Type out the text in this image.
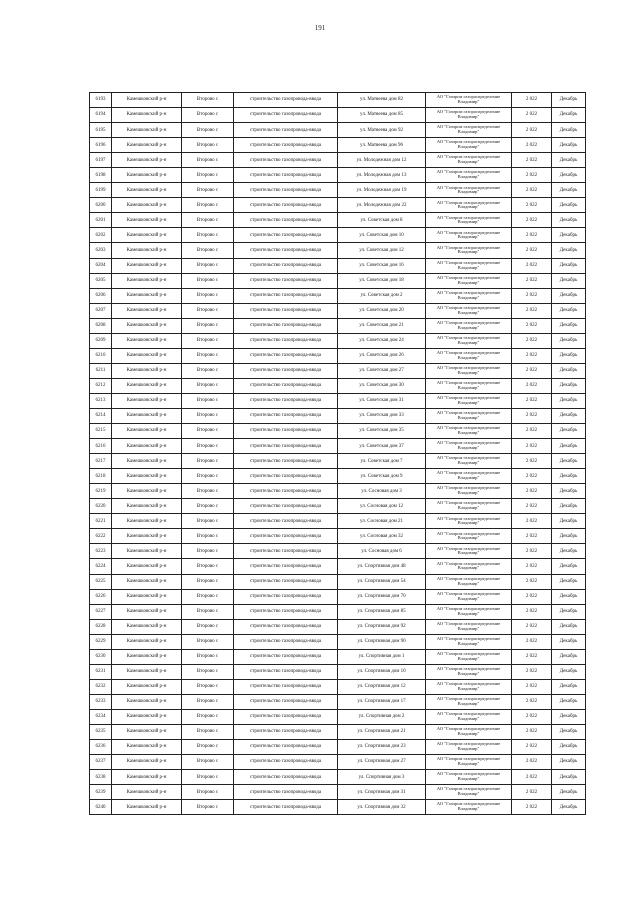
191
6193	Камешковский р-н	Второво с	строительство газопровода-ввода	ул. Матвеева дом 82	АО "Газпром газораспределение Владимир"	2 022	Декабрь
6194	Камешковский р-н	Второво с	строительство газопровода-ввода	ул. Матвеева дом 85	АО "Газпром газораспределение Владимир"	2 022	Декабрь
6195	Камешковский р-н	Второво с	строительство газопровода-ввода	ул. Матвеева дом 92	АО "Газпром газораспределение Владимир"	2 022	Декабрь
6196	Камешковский р-н	Второво с	строительство газопровода-ввода	ул. Матвеева дом 96	АО "Газпром газораспределение Владимир"	2 022	Декабрь
6197	Камешковский р-н	Второво с	строительство газопровода-ввода	ул. Молодежная дом 12	АО "Газпром газораспределение Владимир"	2 022	Декабрь
6198	Камешковский р-н	Второво с	строительство газопровода-ввода	ул. Молодежная дом 13	АО "Газпром газораспределение Владимир"	2 022	Декабрь
6199	Камешковский р-н	Второво с	строительство газопровода-ввода	ул. Молодежная дом 19	АО "Газпром газораспределение Владимир"	2 022	Декабрь
6200	Камешковский р-н	Второво с	строительство газопровода-ввода	ул. Молодежная дом 22	АО "Газпром газораспределение Владимир"	2 022	Декабрь
6201	Камешковский р-н	Второво с	строительство газопровода-ввода	ул. Советская дом 8	АО "Газпром газораспределение Владимир"	2 022	Декабрь
6202	Камешковский р-н	Второво с	строительство газопровода-ввода	ул. Советская дом 10	АО "Газпром газораспределение Владимир"	2 022	Декабрь
6203	Камешковский р-н	Второво с	строительство газопровода-ввода	ул. Советская дом 12	АО "Газпром газораспределение Владимир"	2 022	Декабрь
6204	Камешковский р-н	Второво с	строительство газопровода-ввода	ул. Советская дом 16	АО "Газпром газораспределение Владимир"	2 022	Декабрь
6205	Камешковский р-н	Второво с	строительство газопровода-ввода	ул. Советская дом 18	АО "Газпром газораспределение Владимир"	2 022	Декабрь
6206	Камешковский р-н	Второво с	строительство газопровода-ввода	ул. Советская дом 2	АО "Газпром газораспределение Владимир"	2 022	Декабрь
6207	Камешковский р-н	Второво с	строительство газопровода-ввода	ул. Советская дом 20	АО "Газпром газораспределение Владимир"	2 022	Декабрь
6208	Камешковский р-н	Второво с	строительство газопровода-ввода	ул. Советская дом 21	АО "Газпром газораспределение Владимир"	2 022	Декабрь
6209	Камешковский р-н	Второво с	строительство газопровода-ввода	ул. Советская дом 24	АО "Газпром газораспределение Владимир"	2 022	Декабрь
6210	Камешковский р-н	Второво с	строительство газопровода-ввода	ул. Советская дом 26	АО "Газпром газораспределение Владимир"	2 022	Декабрь
6211	Камешковский р-н	Второво с	строительство газопровода-ввода	ул. Советская дом 27	АО "Газпром газораспределение Владимир"	2 022	Декабрь
6212	Камешковский р-н	Второво с	строительство газопровода-ввода	ул. Советская дом 30	АО "Газпром газораспределение Владимир"	2 022	Декабрь
6213	Камешковский р-н	Второво с	строительство газопровода-ввода	ул. Советская дом 31	АО "Газпром газораспределение Владимир"	2 022	Декабрь
6214	Камешковский р-н	Второво с	строительство газопровода-ввода	ул. Советская дом 33	АО "Газпром газораспределение Владимир"	2 022	Декабрь
6215	Камешковский р-н	Второво с	строительство газопровода-ввода	ул. Советская дом 35	АО "Газпром газораспределение Владимир"	2 022	Декабрь
6216	Камешковский р-н	Второво с	строительство газопровода-ввода	ул. Советская дом 37	АО "Газпром газораспределение Владимир"	2 022	Декабрь
6217	Камешковский р-н	Второво с	строительство газопровода-ввода	ул. Советская дом 7	АО "Газпром газораспределение Владимир"	2 022	Декабрь
6218	Камешковский р-н	Второво с	строительство газопровода-ввода	ул. Советская дом 9	АО "Газпром газораспределение Владимир"	2 022	Декабрь
6219	Камешковский р-н	Второво с	строительство газопровода-ввода	ул. Сосновая дом 3	АО "Газпром газораспределение Владимир"	2 022	Декабрь
6220	Камешковский р-н	Второво с	строительство газопровода-ввода	ул. Сосновая дом 12	АО "Газпром газораспределение Владимир"	2 022	Декабрь
6221	Камешковский р-н	Второво с	строительство газопровода-ввода	ул. Сосновая дом 21	АО "Газпром газораспределение Владимир"	2 022	Декабрь
6222	Камешковский р-н	Второво с	строительство газопровода-ввода	ул. Сосновая дом 32	АО "Газпром газораспределение Владимир"	2 022	Декабрь
6223	Камешковский р-н	Второво с	строительство газопровода-ввода	ул. Сосновая дом 6	АО "Газпром газораспределение Владимир"	2 022	Декабрь
6224	Камешковский р-н	Второво с	строительство газопровода-ввода	ул. Спортивная дом 48	АО "Газпром газораспределение Владимир"	2 022	Декабрь
6225	Камешковский р-н	Второво с	строительство газопровода-ввода	ул. Спортивная дом 54	АО "Газпром газораспределение Владимир"	2 022	Декабрь
6226	Камешковский р-н	Второво с	строительство газопровода-ввода	ул. Спортивная дом 70	АО "Газпром газораспределение Владимир"	2 022	Декабрь
6227	Камешковский р-н	Второво с	строительство газопровода-ввода	ул. Спортивная дом 85	АО "Газпром газораспределение Владимир"	2 022	Декабрь
6228	Камешковский р-н	Второво с	строительство газопровода-ввода	ул. Спортивная дом 92	АО "Газпром газораспределение Владимир"	2 022	Декабрь
6229	Камешковский р-н	Второво с	строительство газопровода-ввода	ул. Спортивная дом 90	АО "Газпром газораспределение Владимир"	2 022	Декабрь
6230	Камешковский р-н	Второво с	строительство газопровода-ввода	ул. Спортивная дом 1	АО "Газпром газораспределение Владимир"	2 022	Декабрь
6231	Камешковский р-н	Второво с	строительство газопровода-ввода	ул. Спортивная дом 10	АО "Газпром газораспределение Владимир"	2 022	Декабрь
6232	Камешковский р-н	Второво с	строительство газопровода-ввода	ул. Спортивная дом 12	АО "Газпром газораспределение Владимир"	2 022	Декабрь
6233	Камешковский р-н	Второво с	строительство газопровода-ввода	ул. Спортивная дом 17	АО "Газпром газораспределение Владимир"	2 022	Декабрь
6234	Камешковский р-н	Второво с	строительство газопровода-ввода	ул. Спортивная дом 2	АО "Газпром газораспределение Владимир"	2 022	Декабрь
6235	Камешковский р-н	Второво с	строительство газопровода-ввода	ул. Спортивная дом 21	АО "Газпром газораспределение Владимир"	2 022	Декабрь
6236	Камешковский р-н	Второво с	строительство газопровода-ввода	ул. Спортивная дом 23	АО "Газпром газораспределение Владимир"	2 022	Декабрь
6237	Камешковский р-н	Второво с	строительство газопровода-ввода	ул. Спортивная дом 27	АО "Газпром газораспределение Владимир"	2 022	Декабрь
6238	Камешковский р-н	Второво с	строительство газопровода-ввода	ул. Спортивная дом 3	АО "Газпром газораспределение Владимир"	2 022	Декабрь
6239	Камешковский р-н	Второво с	строительство газопровода-ввода	ул. Спортивная дом 31	АО "Газпром газораспределение Владимир"	2 022	Декабрь
6240	Камешковский р-н	Второво с	строительство газопровода-ввода	ул. Спортивная дом 32	АО "Газпром газораспределение Владимир"	2 022	Декабрь
